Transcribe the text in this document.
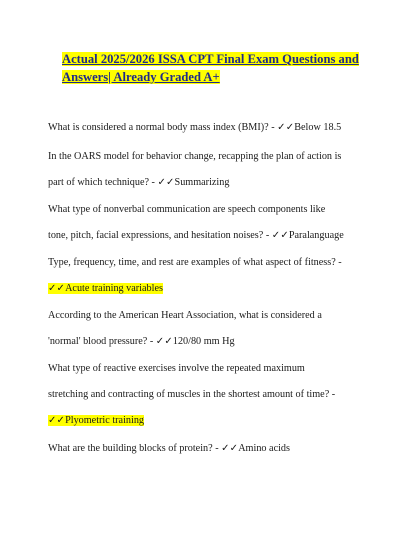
Actual 2025/2026 ISSA CPT Final Exam Questions and
Answers| Already Graded A+

What is considered a normal body mass index (BMI)? - ✓✓Below 18.5

In the OARS model for behavior change, recapping the plan of action is

part of which technique? - ✓✓Summarizing

What type of nonverbal communication are speech components like

tone, pitch, facial expressions, and hesitation noises? - ✓✓Paralanguage

Type, frequency, time, and rest are examples of what aspect of fitness? -

✓✓Acute training variables

According to the American Heart Association, what is considered a

'normal' blood pressure? - ✓✓120/80 mm Hg

What type of reactive exercises involve the repeated maximum

stretching and contracting of muscles in the shortest amount of time? -

✓✓Plyometric training

What are the building blocks of protein? - ✓✓Amino acids
